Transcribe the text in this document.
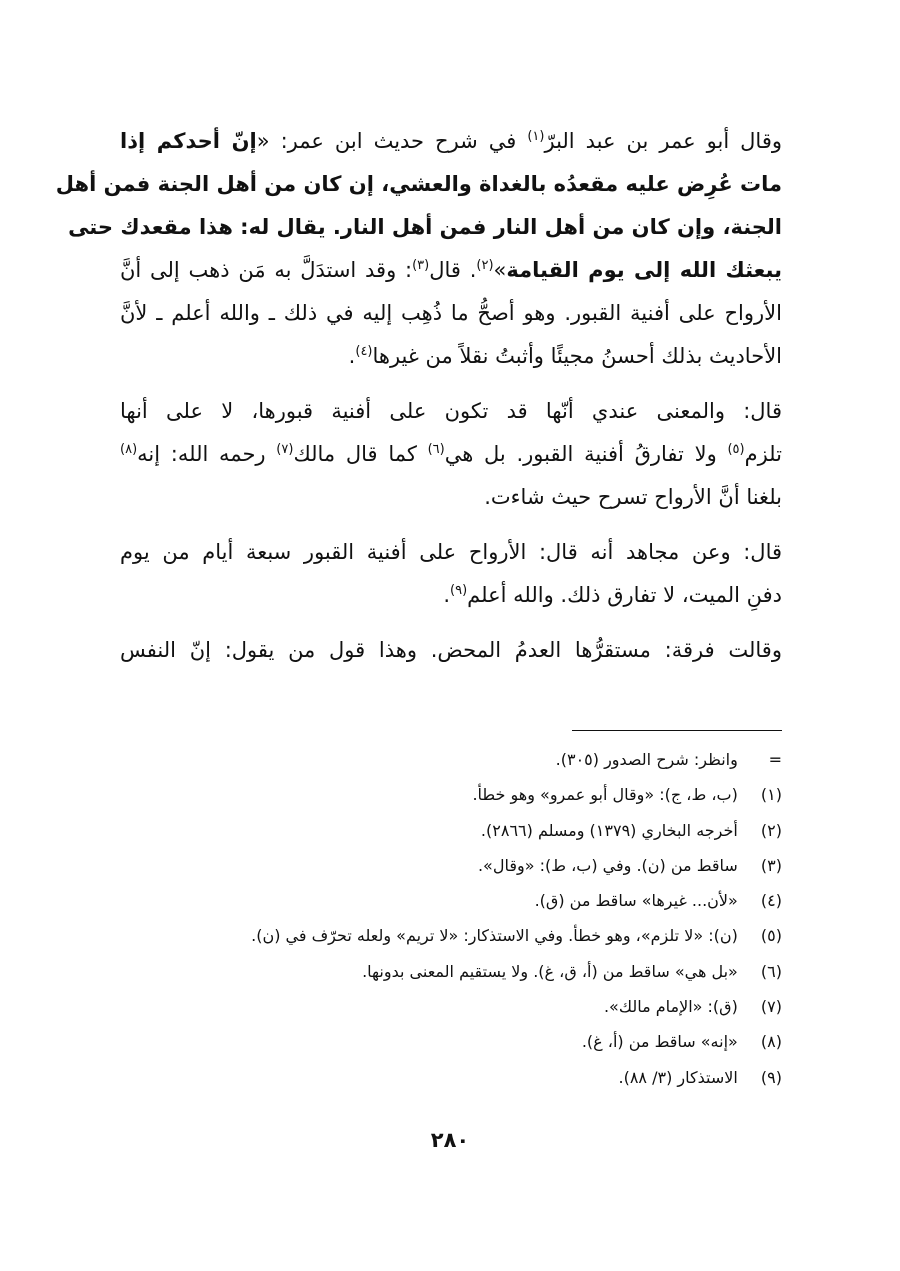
وقال أبو عمر بن عبد البرّ$^{(١)}$ في شرح حديث ابن عمر: «إنّ أحدكم إذا
مات عُرِض عليه مقعدُه بالغداة والعشي، إن كان من أهل الجنة فمن أهل
الجنة، وإن كان من أهل النار فمن أهل النار. يقال له: هذا مقعدك حتى
يبعثك الله إلى يوم القيامة»$^{(٢)}$. قال$^{(٣)}$: وقد استدَلَّ به مَن ذهب إلى أنَّ
الأرواح على أفنية القبور. وهو أصحُّ ما ذُهِب إليه في ذلك ـ والله أعلم ـ لأنَّ
الأحاديث بذلك أحسنُ مجيئًا وأثبتُ نقلاً من غيرها$^{(٤)}$.

قال: والمعنى عندي أنّها قد تكون على أفنية قبورها، لا على أنها
تلزم$^{(٥)}$ ولا تفارقُ أفنية القبور. بل هي$^{(٦)}$ كما قال مالك$^{(٧)}$ رحمه الله: إنه$^{(٨)}$
بلغنا أنَّ الأرواح تسرح حيث شاءت.

قال: وعن مجاهد أنه قال: الأرواح على أفنية القبور سبعة أيام من يوم
دفنِ الميت، لا تفارق ذلك. والله أعلم$^{(٩)}$.

وقالت فرقة: مستقرُّها العدمُ المحض. وهذا قول من يقول: إنّ النفس

=  وانظر: شرح الصدور (٣٠٥).
(١)  (ب، ط، ج): «وقال أبو عمرو» وهو خطأ.
(٢)  أخرجه البخاري (١٣٧٩) ومسلم (٢٨٦٦).
(٣)  ساقط من (ن). وفي (ب، ط): «وقال».
(٤)  «لأن... غيرها» ساقط من (ق).
(٥)  (ن): «لا تلزم»، وهو خطأ. وفي الاستذكار: «لا تريم» ولعله تحرّف في (ن).
(٦)  «بل هي» ساقط من (أ، ق، غ). ولا يستقيم المعنى بدونها.
(٧)  (ق): «الإمام مالك».
(٨)  «إنه» ساقط من (أ، غ).
(٩)  الاستذكار (٣/ ٨٨).
٢٨٠
